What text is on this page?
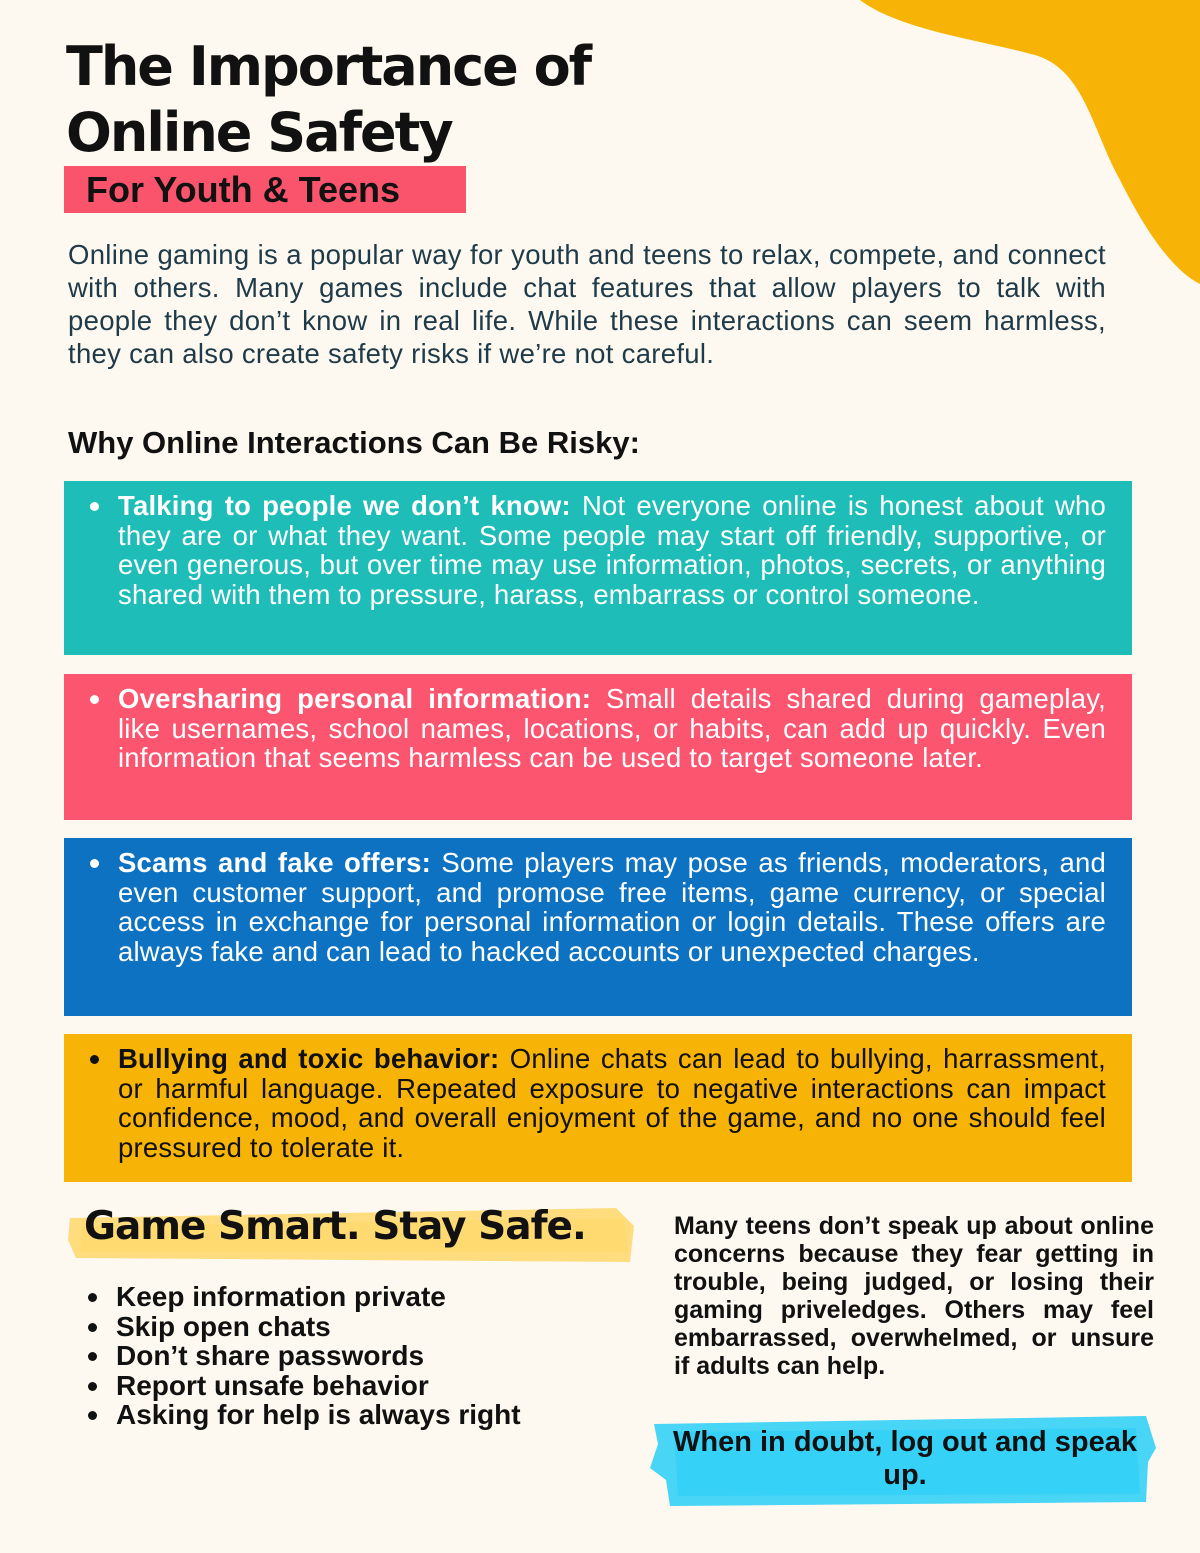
The Importance of
Online Safety
For Youth & Teens

Online gaming is a popular way for youth and teens to relax, compete, and connect with others. Many games include chat features that allow players to talk with people they don’t know in real life. While these interactions can seem harmless, they can also create safety risks if we’re not careful.

Why Online Interactions Can Be Risky:

Talking to people we don’t know: Not everyone online is honest about who they are or what they want. Some people may start off friendly, supportive, or even generous, but over time may use information, photos, secrets, or anything shared with them to pressure, harass, embarrass or control someone.

Oversharing personal information: Small details shared during gameplay, like usernames, school names, locations, or habits, can add up quickly. Even information that seems harmless can be used to target someone later.

Scams and fake offers: Some players may pose as friends, moderators, and even customer support, and promose free items, game currency, or special access in exchange for personal information or login details. These offers are always fake and can lead to hacked accounts or unexpected charges.

Bullying and toxic behavior: Online chats can lead to bullying, harrassment, or harmful language. Repeated exposure to negative interactions can impact confidence, mood, and overall enjoyment of the game, and no one should feel pressured to tolerate it.

Game Smart. Stay Safe.
Keep information private
Skip open chats
Don’t share passwords
Report unsafe behavior
Asking for help is always right

Many teens don’t speak up about online concerns because they fear getting in trouble, being judged, or losing their gaming priveledges. Others may feel embarrassed, overwhelmed, or unsure if adults can help.

When in doubt, log out and speak up.
